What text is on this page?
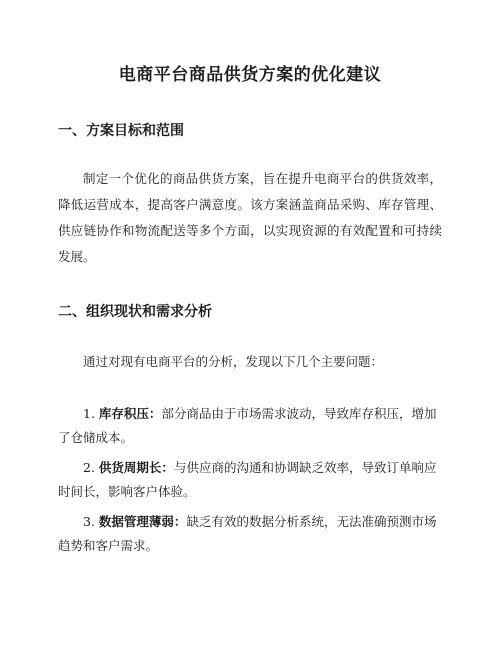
电商平台商品供货方案的优化建议
一、方案目标和范围
制定一个优化的商品供货方案，旨在提升电商平台的供货效率，降低运营成本，提高客户满意度。该方案涵盖商品采购、库存管理、供应链协作和物流配送等多个方面，以实现资源的有效配置和可持续发展。
二、组织现状和需求分析
通过对现有电商平台的分析，发现以下几个主要问题：
1. 库存积压：部分商品由于市场需求波动，导致库存积压，增加了仓储成本。
2. 供货周期长：与供应商的沟通和协调缺乏效率，导致订单响应时间长，影响客户体验。
3. 数据管理薄弱：缺乏有效的数据分析系统，无法准确预测市场趋势和客户需求。
